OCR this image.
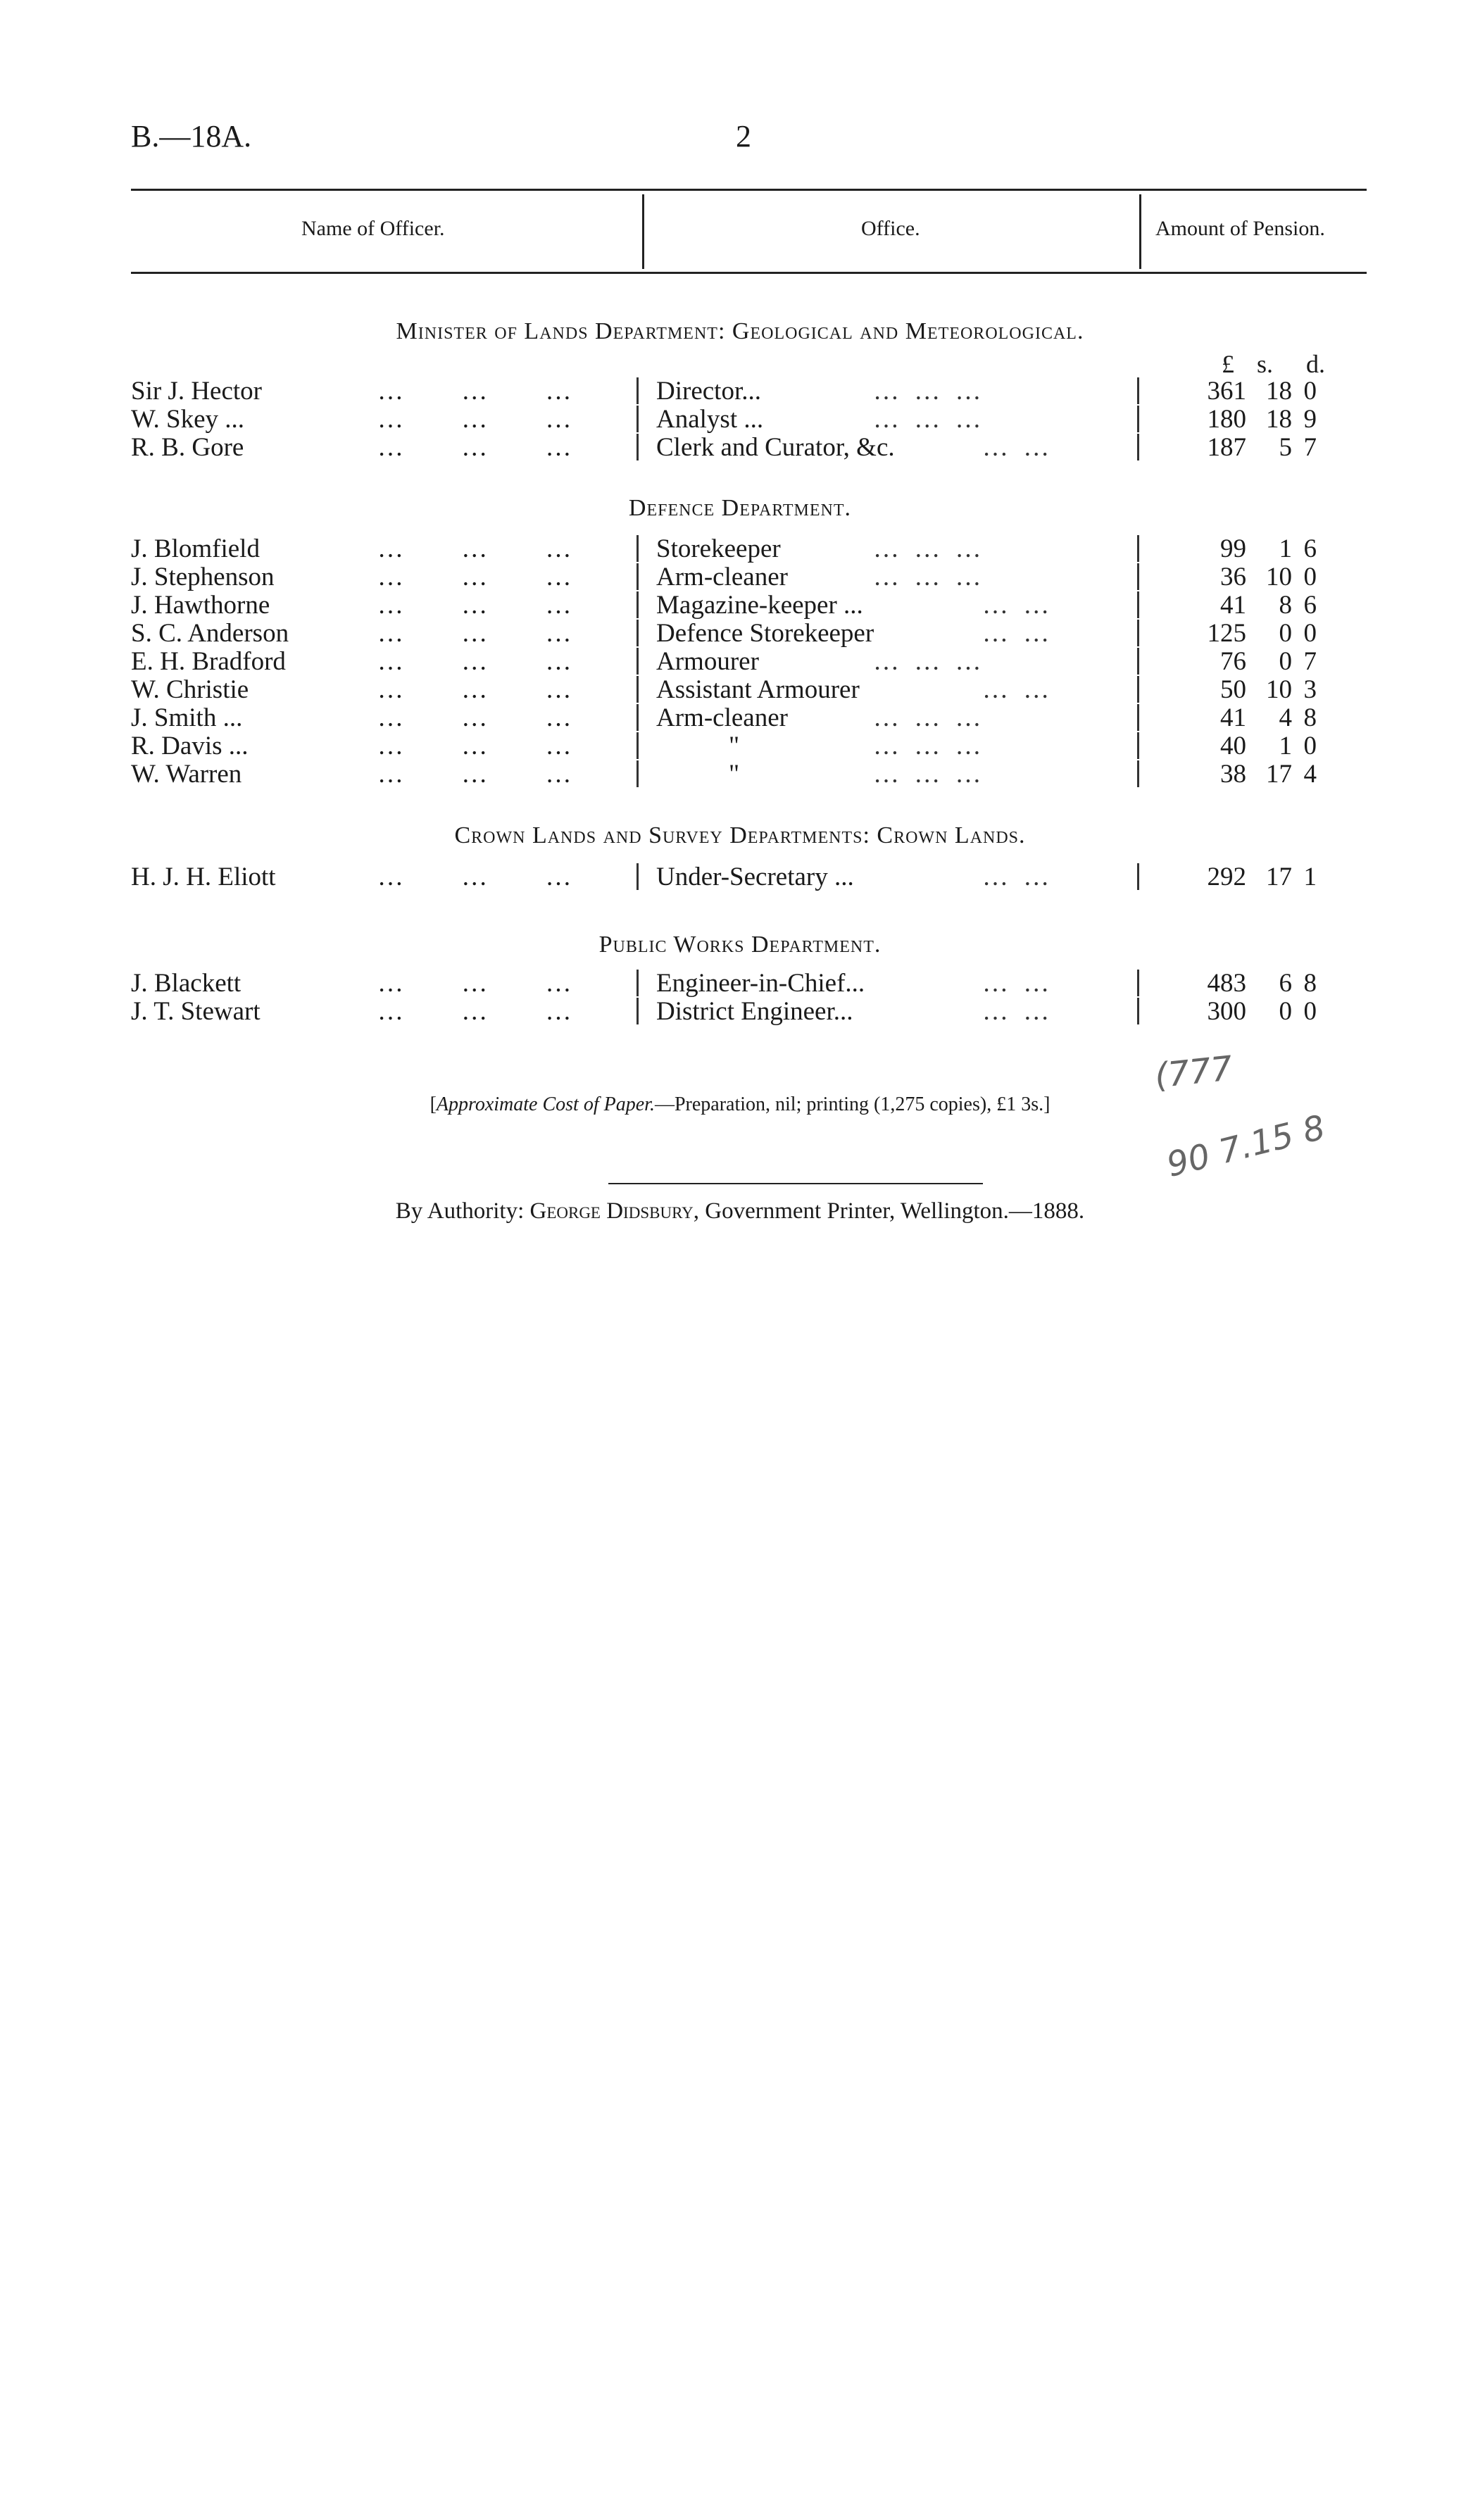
B.—18A.	2
Name of Officer.	Office.	Amount of Pension.
Minister of Lands Department: Geological and Meteorological.
£ s. d.
Sir J. Hector …     …     …	Director...	… … …	361 18 0
W. Skey ... …     …     …	Analyst ...	… … …	180 18 9
R. B. Gore …     …     …	Clerk and Curator, &c.	… …	187	5 7
Defence Department.
J. Blomfield …     …     …	Storekeeper	… … …	99	1 6
J. Stephenson …     …     …	Arm-cleaner	… … …	36 10 0
J. Hawthorne …     …     …	Magazine-keeper ...	… …	41	8 6
S. C. Anderson …     …     …	Defence Storekeeper	… …	125	0 0
E. H. Bradford …     …     …	Armourer	… … …	76	0 7
W. Christie …     …     …	Assistant Armourer	… …	50 10 3
J. Smith ... …     …     …	Arm-cleaner	… … …	41	4 8
R. Davis ... …     …     …	"	… … …	40	1 0
W. Warren …     …     …	"	… … …	38 17 4
Crown Lands and Survey Departments: Crown Lands.
H. J. H. Eliott …     …     …	Under-Secretary ...	… …	292 17 1
Public Works Department.
J. Blackett …     …     …	Engineer-in-Chief...	… …	483	6 8
J. T. Stewart …     …     …	District Engineer...	… …	300	0 0
(777
90 7.15 8
[Approximate Cost of Paper.—Preparation, nil; printing (1,275 copies), £1 3s.]
By Authority: George Didsbury, Government Printer, Wellington.—1888.
